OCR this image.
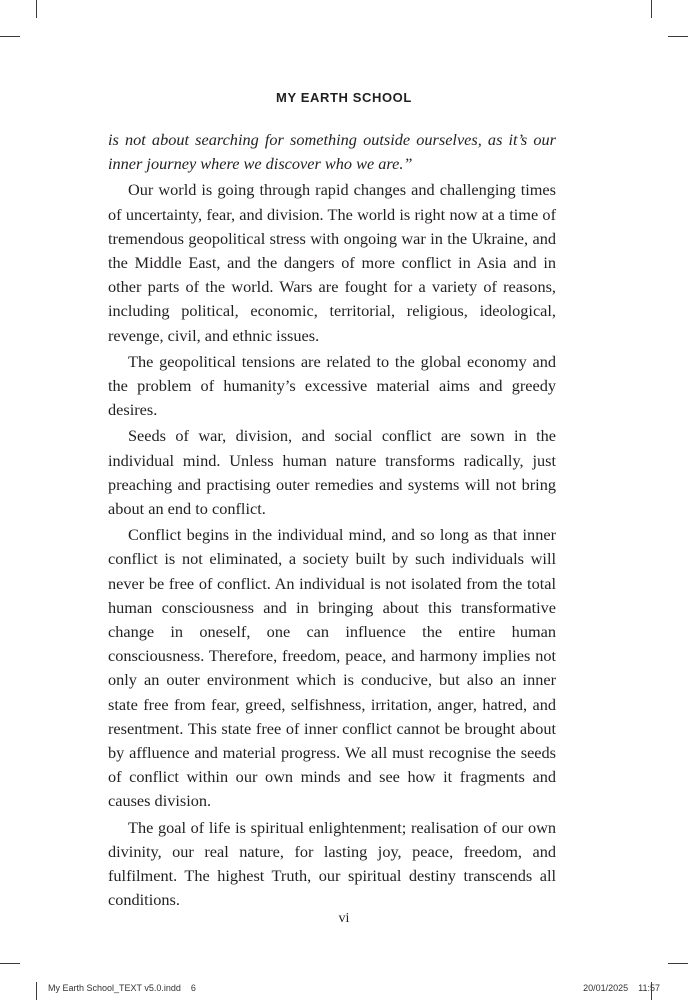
MY EARTH SCHOOL

is not about searching for something outside ourselves, as it’s our inner journey where we discover who we are.”

Our world is going through rapid changes and challenging times of uncertainty, fear, and division. The world is right now at a time of tremendous geopolitical stress with ongoing war in the Ukraine, and the Middle East, and the dangers of more conflict in Asia and in other parts of the world. Wars are fought for a variety of reasons, including political, economic, territorial, religious, ideological, revenge, civil, and ethnic issues.

The geopolitical tensions are related to the global economy and the problem of humanity’s excessive material aims and greedy desires.

Seeds of war, division, and social conflict are sown in the individual mind. Unless human nature transforms radically, just preaching and practising outer remedies and systems will not bring about an end to conflict.

Conflict begins in the individual mind, and so long as that inner conflict is not eliminated, a society built by such individuals will never be free of conflict. An individual is not isolated from the total human consciousness and in bringing about this transformative change in oneself, one can influence the entire human consciousness. Therefore, freedom, peace, and harmony implies not only an outer environment which is conducive, but also an inner state free from fear, greed, selfishness, irritation, anger, hatred, and resentment. This state free of inner conflict cannot be brought about by affluence and material progress. We all must recognise the seeds of conflict within our own minds and see how it fragments and causes division.

The goal of life is spiritual enlightenment; realisation of our own divinity, our real nature, for lasting joy, peace, freedom, and fulfilment. The highest Truth, our spiritual destiny transcends all conditions.

vi
My Earth School_TEXT v5.0.indd 6	20/01/2025 11:57
